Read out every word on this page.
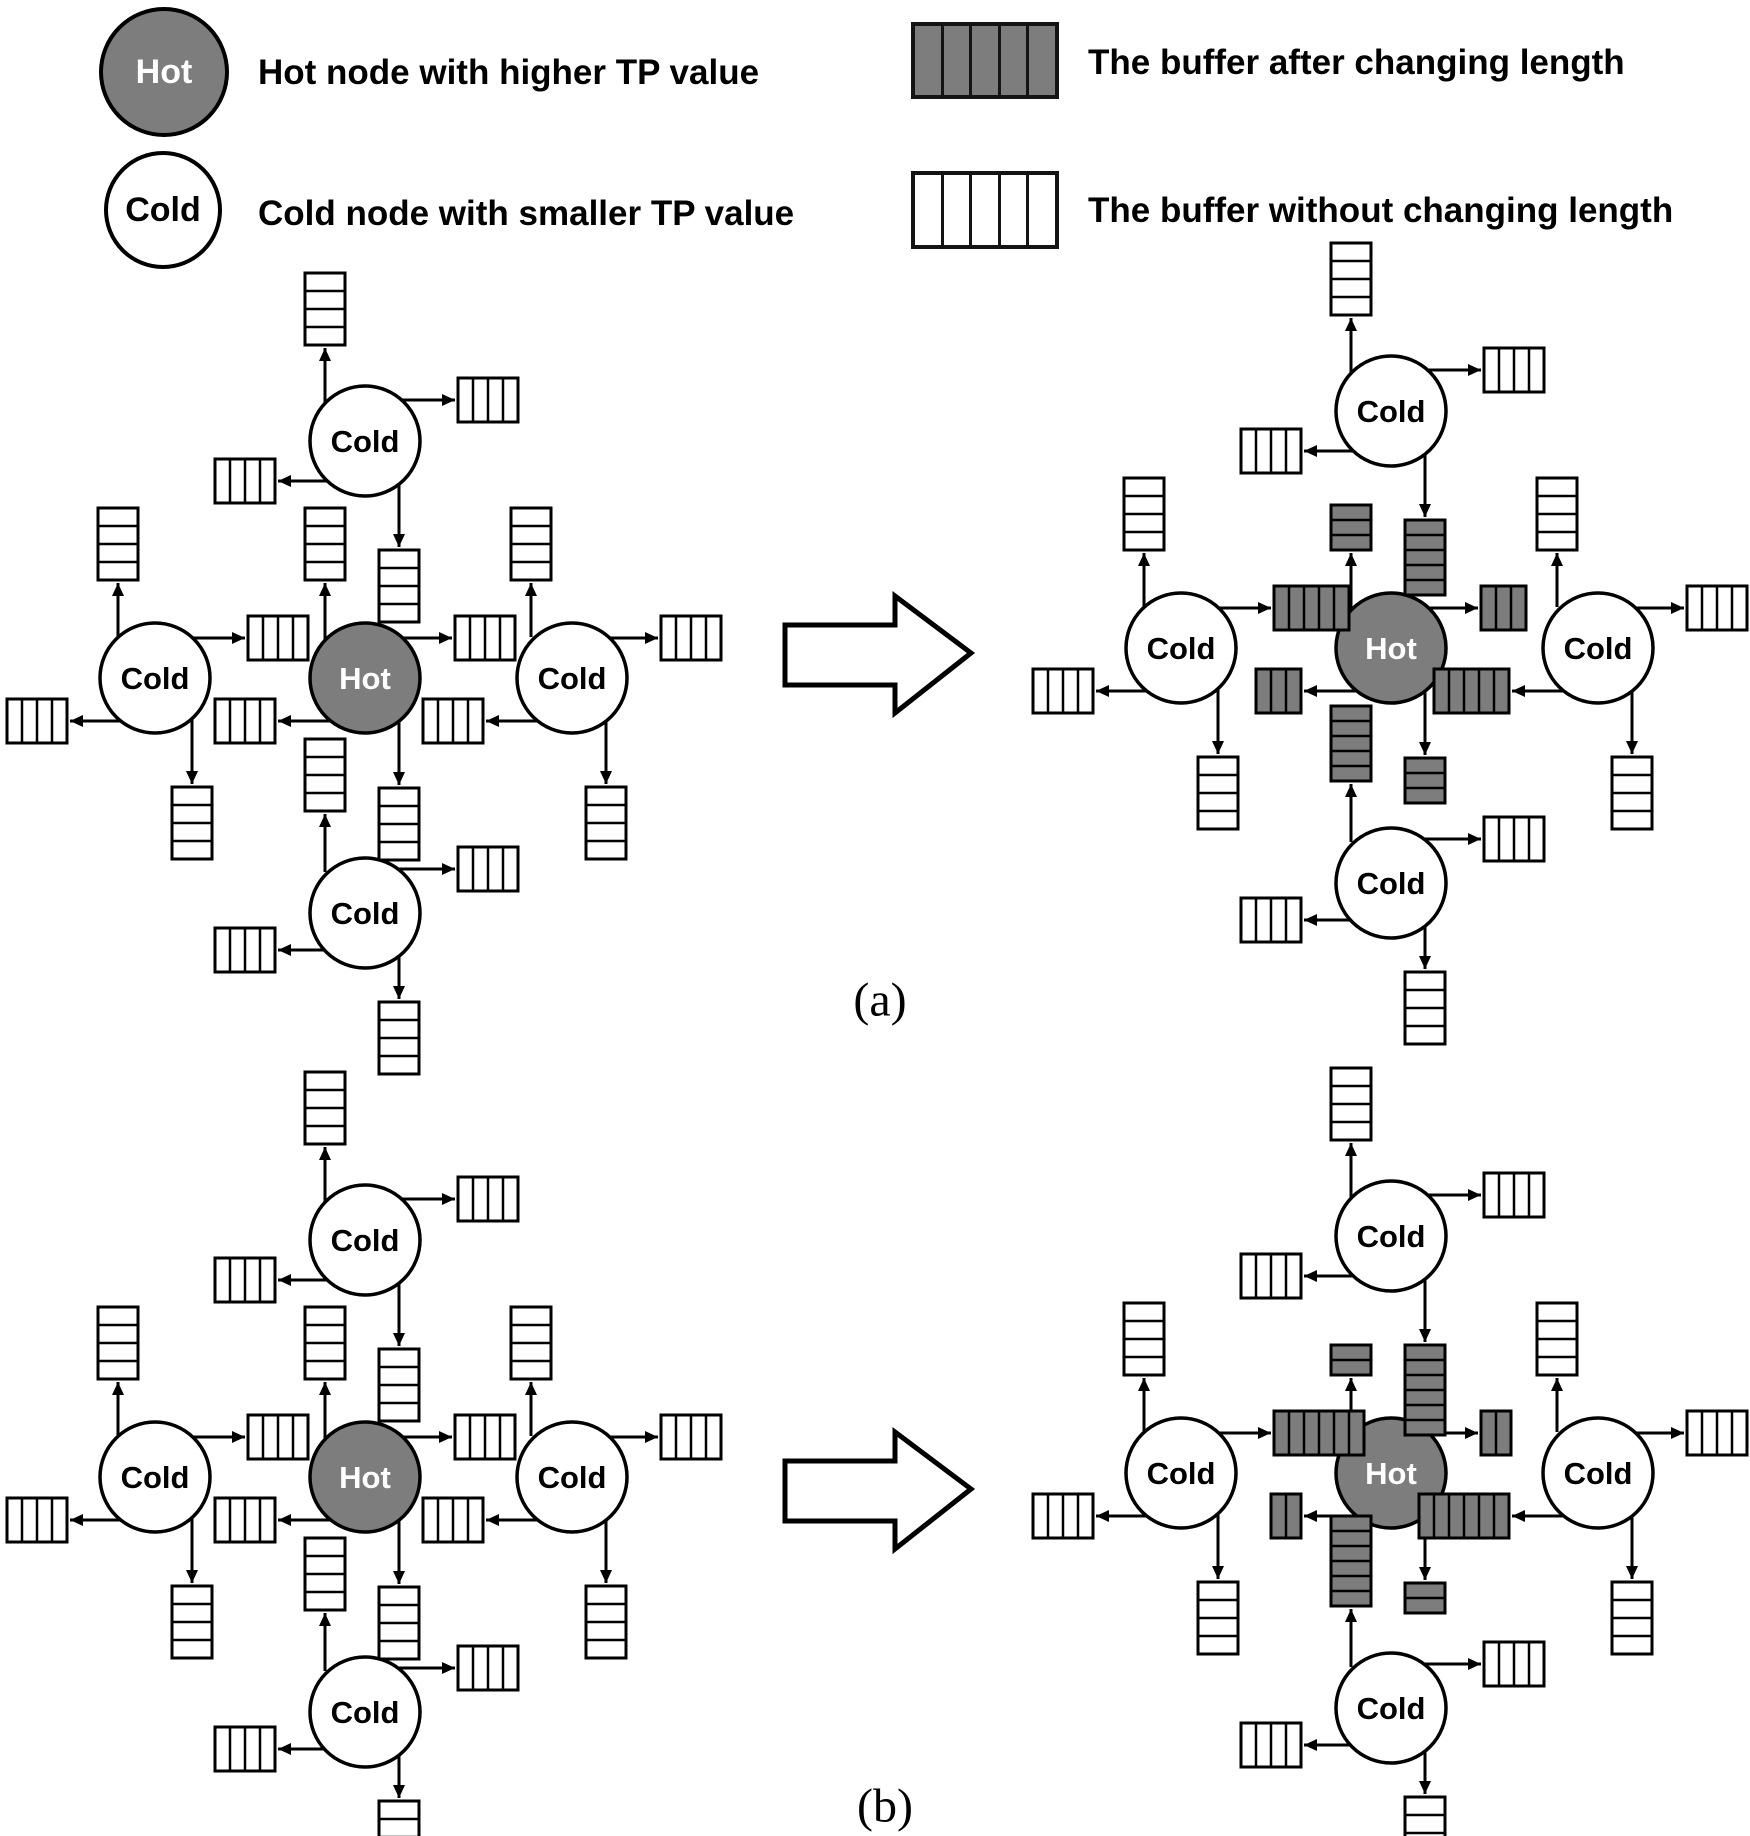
Hot Hot node with higher TP value
Cold Cold node with smaller TP value
The buffer after changing length
The buffer without changing length
Cold
Cold	Hot	Cold
Cold
Cold
Cold	Hot	Cold
Cold
(a)
Cold
Cold	Hot	Cold
Cold
Cold
Cold	Hot	Cold
Cold
(b)
